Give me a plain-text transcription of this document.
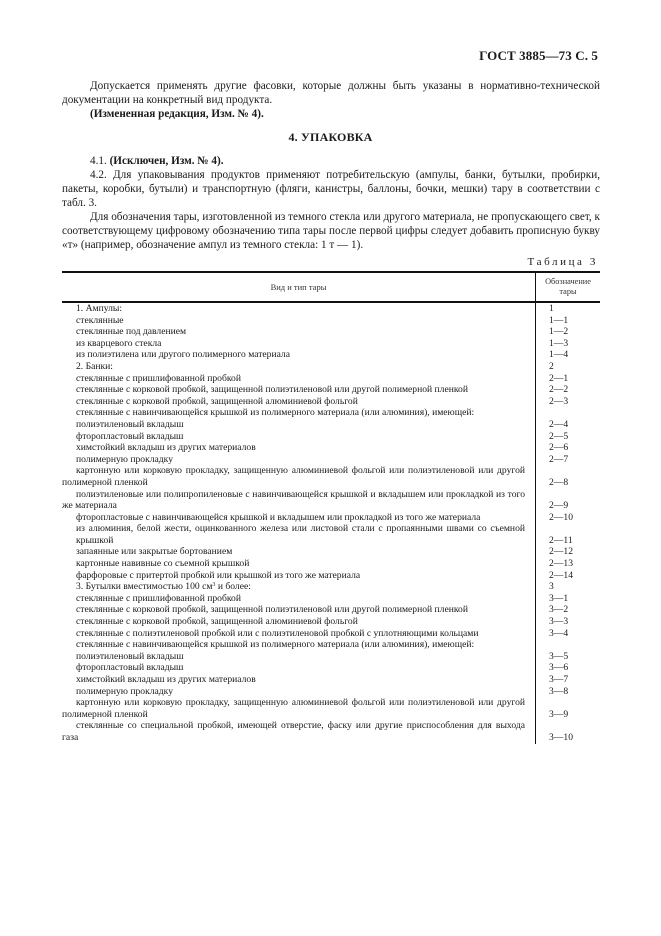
ГОСТ 3885—73 С. 5
Допускается применять другие фасовки, которые должны быть указаны в нормативно-технической документации на конкретный вид продукта.
(Измененная редакция, Изм. № 4).
4. УПАКОВКА
4.1. (Исключен, Изм. № 4).
4.2. Для упаковывания продуктов применяют потребительскую (ампулы, банки, бутылки, пробирки, пакеты, коробки, бутыли) и транспортную (фляги, канистры, баллоны, бочки, мешки) тару в соответствии с табл. 3.
Для обозначения тары, изготовленной из темного стекла или другого материала, не пропускающего свет, к соответствующему цифровому обозначению типа тары после первой цифры следует добавить прописную букву «т» (например, обозначение ампул из темного стекла: 1 т — 1).
Таблица 3
Вид и тип тары
Обозначение
тары
1. Ампулы:	1
стеклянные	1—1
стеклянные под давлением	1—2
из кварцевого стекла	1—3
из полиэтилена или другого полимерного материала	1—4
2. Банки:	2
стеклянные с пришлифованной пробкой	2—1
стеклянные с корковой пробкой, защищенной полиэтиленовой или другой полимерной пленкой	2—2
стеклянные с корковой пробкой, защищенной алюминиевой фольгой	2—3
стеклянные с навинчивающейся крышкой из полимерного материала (или алюминия), имеющей:
полиэтиленовый вкладыш	2—4
фторопластовый вкладыш	2—5
химстойкий вкладыш из других материалов	2—6
полимерную прокладку	2—7
картонную или корковую прокладку, защищенную алюминиевой фольгой или полиэтиленовой или другой полимерной пленкой	2—8
полиэтиленовые или полипропиленовые с навинчивающейся крышкой и вкладышем или прокладкой из того же материала	2—9
фторопластовые с навинчивающейся крышкой и вкладышем или прокладкой из того же материала	2—10
из алюминия, белой жести, оцинкованного железа или листовой стали с пропаянными швами со съемной крышкой	2—11
запаянные или закрытые бортованием	2—12
картонные навивные со съемной крышкой	2—13
фарфоровые с притертой пробкой или крышкой из того же материала	2—14
3. Бутылки вместимостью 100 $см^3$ и более:	3
стеклянные с пришлифованной пробкой	3—1
стеклянные с корковой пробкой, защищенной полиэтиленовой или другой полимерной пленкой	3—2
стеклянные с корковой пробкой, защищенной алюминиевой фольгой	3—3
стеклянные с полиэтиленовой пробкой или с полиэтиленовой пробкой с уплотняющими кольцами	3—4
стеклянные с навинчивающейся крышкой из полимерного материала (или алюминия), имеющей:
полиэтиленовый вкладыш	3—5
фторопластовый вкладыш	3—6
химстойкий вкладыш из других материалов	3—7
полимерную прокладку	3—8
картонную или корковую прокладку, защищенную алюминиевой фольгой или полиэтиленовой или другой полимерной пленкой	3—9
стеклянные со специальной пробкой, имеющей отверстие, фаску или другие приспособления для выхода газа	3—10
